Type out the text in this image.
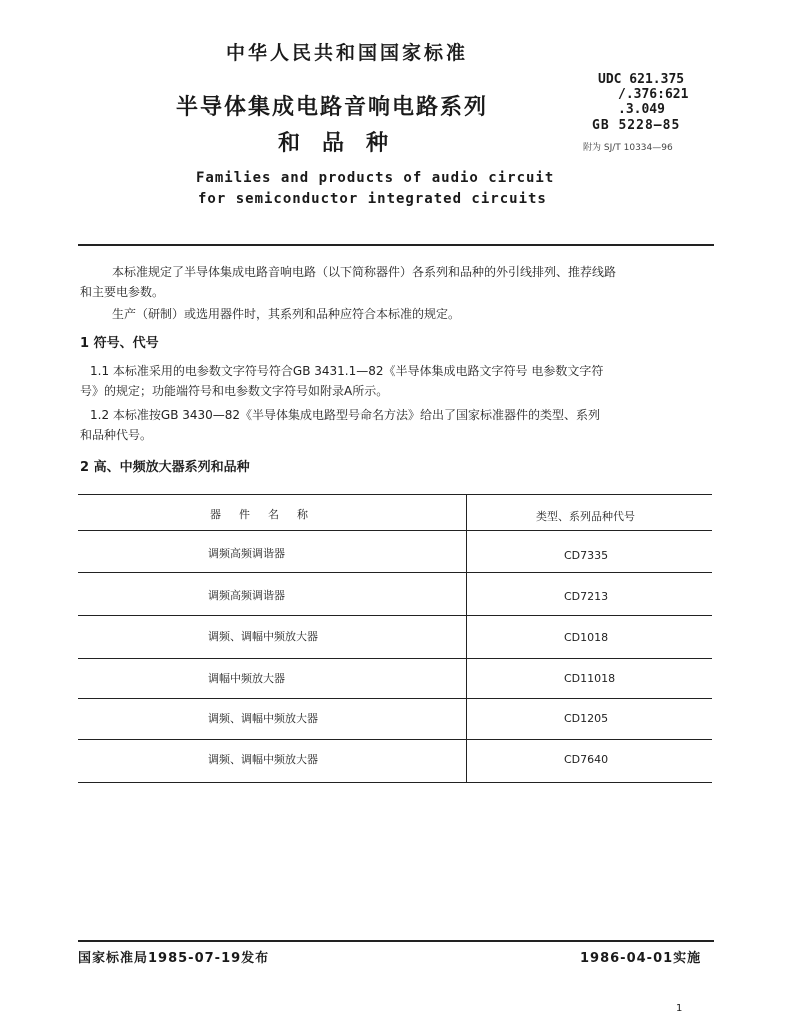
中华人民共和国国家标准
UDC 621.375
/.376:621
.3.049
GB 5228—85
附为 SJ/T 10334—96
半导体集成电路音响电路系列
和品种
Families and products of audio circuit
for semiconductor integrated circuits
本标准规定了半导体集成电路音响电路（以下简称器件）各系列和品种的外引线排列、推荐线路
和主要电参数。
生产（研制）或选用器件时，其系列和品种应符合本标准的规定。
1 符号、代号
1.1 本标准采用的电参数文字符号符合GB 3431.1—82《半导体集成电路文字符号 电参数文字符
号》的规定；功能端符号和电参数文字符号如附录A所示。
1.2 本标准按GB 3430—82《半导体集成电路型号命名方法》给出了国家标准器件的类型、系列
和品种代号。
2 高、中频放大器系列和品种
器件名称	类型、系列品种代号
调频高频调谐器	CD7335
调频高频调谐器	CD7213
调频、调幅中频放大器	CD1018
调幅中频放大器	CD11018
调频、调幅中频放大器	CD1205
调频、调幅中频放大器	CD7640
国家标准局1985-07-19发布	1986-04-01实施
1
